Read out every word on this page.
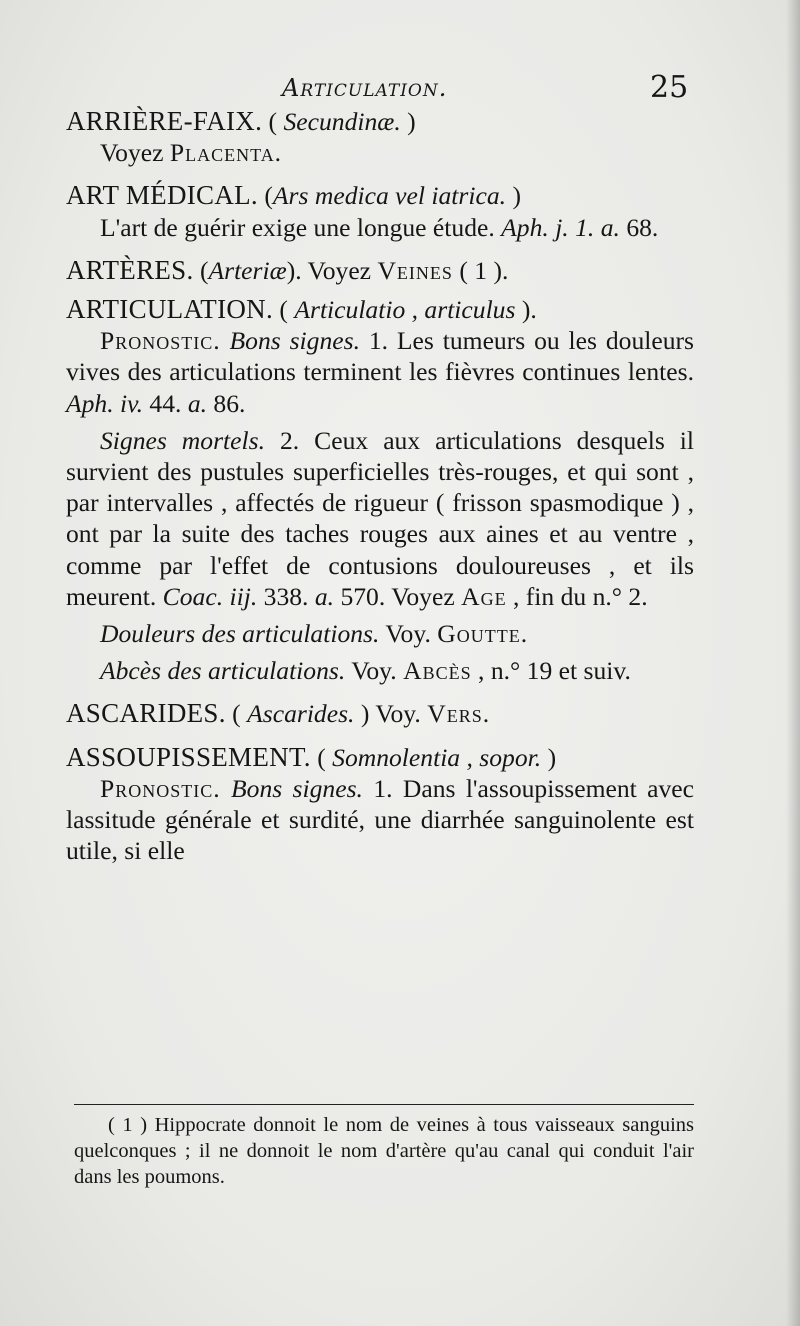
Articulation.	25
ARRIÈRE-FAIX. ( Secundinæ. )

Voyez Placenta.

ART MÉDICAL. (Ars medica vel iatrica. )

L'art de guérir exige une longue étude. Aph. j. 1. a. 68.

ARTÈRES. (Arteriæ). Voyez Veines ( 1 ).
ARTICULATION. ( Articulatio , articulus ).

Pronostic. Bons signes. 1. Les tumeurs ou les douleurs vives des articulations terminent les fièvres continues lentes. Aph. iv. 44. a. 86.

Signes mortels. 2. Ceux aux articulations desquels il survient des pustules superficielles très-rouges, et qui sont , par intervalles , affectés de rigueur ( frisson spasmodique ) , ont par la suite des taches rouges aux aines et au ventre , comme par l'effet de contusions douloureuses , et ils meurent. Coac. iij. 338. a. 570. Voyez Age , fin du n.° 2.

Douleurs des articulations. Voy. Goutte.

Abcès des articulations. Voy. Abcès , n.° 19 et suiv.

ASCARIDES. ( Ascarides. ) Voy. Vers.
ASSOUPISSEMENT. ( Somnolentia , sopor. )

Pronostic. Bons signes. 1. Dans l'assoupissement avec lassitude générale et surdité, une diarrhée sanguinolente est utile, si elle

( 1 ) Hippocrate donnoit le nom de veines à tous vaisseaux sanguins quelconques ; il ne donnoit le nom d'artère qu'au canal qui conduit l'air dans les poumons.
